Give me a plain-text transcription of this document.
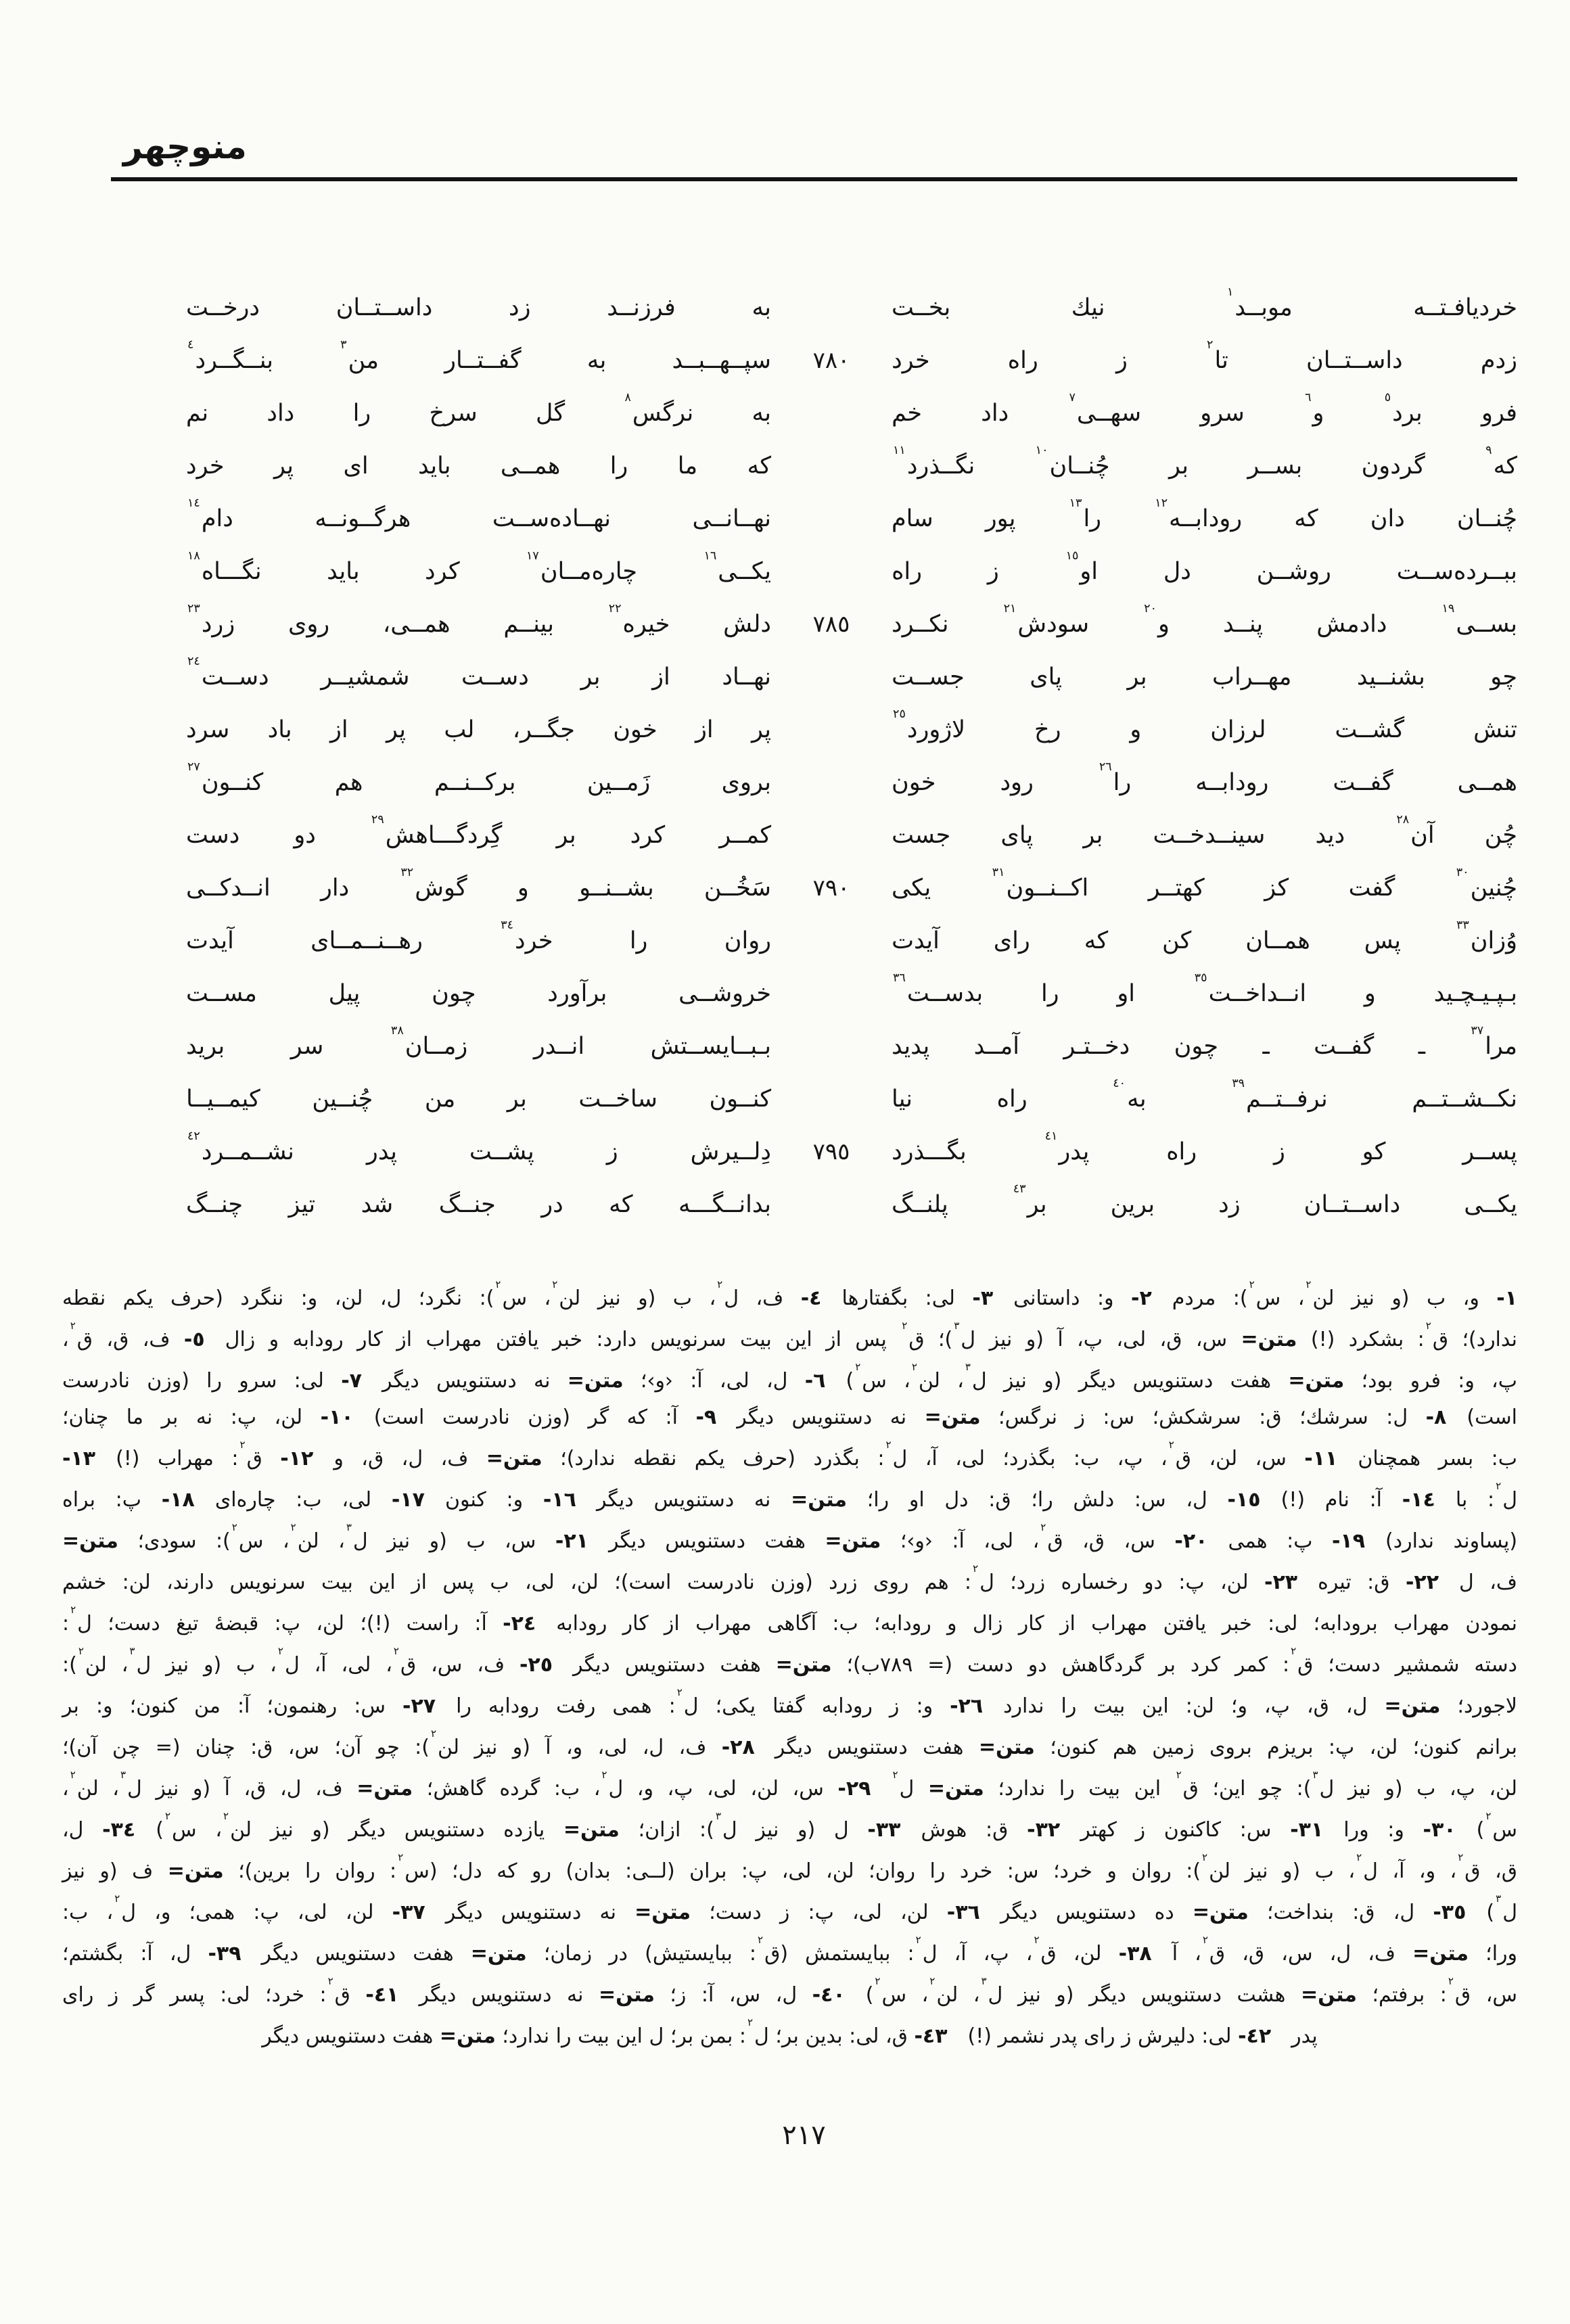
منوچهر
خرديافـتــه
موبــد$^١$
نيك
بخــت
به
فرزنــد
زد
داســتــان
درخــت
زدم
داســتــان
تا$^٢$
ز
راه
خرد
٧٨٠
سپــهــبــد
به
گفــتــار
من$^٣$
بنــگــرد$^٤$
فرو
برد$^٥$
و$^٦$
سرو
سهــى$^٧$
داد
خم
به
نرگس$^٨$
گل
سرخ
را
داد
نم
كه$^٩$
گردون
بســر
بر
چُنــان$^{١٠}$
نگــذرد$^{١١}$
كه
ما
را
همــى
بايد
اى
پر
خرد
چُنــان
دان
كه
رودابــه$^{١٢}$
را$^{١٣}$
پور
سام
نهــانــى
نهــاده‌ســت
هرگــونــه
دام$^{١٤}$
ببــرده‌ســت
روشــن
دل
او$^{١٥}$
ز
راه
يكــى$^{١٦}$
چاره‌مــان$^{١٧}$
كرد
بايد
نگـــاه$^{١٨}$
بســى$^{١٩}$
دادمش
پنــد
و$^{٢٠}$
سودش$^{٢١}$
نكــرد
٧٨٥
دلش
خيره$^{٢٢}$
بينــم
همــى،
روى
زرد$^{٢٣}$
چو
بشنــيد
مهــراب
بر
پاى
جســت
نهــاد
از
بر
دســت
شمشيــر
دســت$^{٢٤}$
تنش
گشــت
لرزان
و
رخ
لاژورد$^{٢٥}$
پر
از
خون
جگــر،
لب
پر
از
باد
سرد
همــى
گفــت
رودابــه
را$^{٢٦}$
رود
خون
بروى
زَمــين
بركــنــم
هم
كنــون$^{٢٧}$
چُن
آن$^{٢٨}$
ديد
سينــدخــت
بر
پاى
جست
كمــر
كرد
بر
گِردگـــاهش$^{٢٩}$
دو
دست
چُنين$^{٣٠}$
گفت
كز
كهتــر
اكــنــون$^{٣١}$
يكى
٧٩٠
سَخُــن
بشــنــو
و
گوش$^{٣٢}$
دار
انــدكــى
وُزان$^{٣٣}$
پس
همــان
كن
كه
راى
آيدت
روان
را
خرد$^{٣٤}$
رهــنــمــاى
آيدت
بـپـيـچـيد
و
انــداخــت$^{٣٥}$
او
را
بدســت$^{٣٦}$
خروشــى
برآورد
چون
پيل
مســت
مرا$^{٣٧}$
ـ
گفــت
ـ
چون
دخــتـر
آمــد
پديد
بـبــايســتش
انــدر
زمــان$^{٣٨}$
سر
بريد
نكــشــتــم
نرفــتــم$^{٣٩}$
به$^{٤٠}$
راه
نيا
كنــون
ساخــت
بر
من
چُنــين
كيمــيــا
پســر
كو
ز
راه
پدر$^{٤١}$
بگـــذرد
٧٩٥
دِلــيرش
ز
پشــت
پدر
نشــمــرد$^{٤٢}$
يكــى
داســتــان
زد
برين
بر$^{٤٣}$
پلنــگ
بدانــگـــه
كه
در
جنــگ
شد
تيز
چنــگ
١- و، ب (و نيز لن$^٢$، س$^٢$): مردم  ٢- و: داستانى  ٣- لى: بگفتارها  ٤- ف، ل$^٢$، ب (و نيز لن$^٢$، س$^٢$): نگرد؛ ل، لن، و: ننگرد (حرف يكم نقطه
ندارد)؛ ق$^٢$: بشكرد (!) متن= س، ق، لى، پ، آ (و نيز ل$^٣$)؛ ق$^٢$ پس از اين بيت سرنويس دارد: خبر يافتن مهراب از كار رودابه و زال  ٥- ف، ق، ق$^٢$،
پ، و: فرو بود؛ متن= هفت دستنويس ديگر (و نيز ل$^٣$، لن$^٢$، س$^٢$)  ٦- ل، لى، آ: ‹و›؛ متن= نه دستنويس ديگر  ٧- لى: سرو را (وزن نادرست
است)  ٨- ل: سرشك؛ ق: سرشكش؛ س: ز نرگس؛ متن= نه دستنويس ديگر  ٩- آ: كه گر (وزن نادرست است)  ١٠- لن، پ: نه بر ما چنان؛
ب: بسر همچنان  ١١- س، لن، ق$^٢$، پ، ب: بگذرد؛ لى، آ، ل$^٢$: بگذرد (حرف يكم نقطه ندارد)؛ متن= ف، ل، ق، و  ١٢- ق$^٢$: مهراب (!)  ١٣-
ل$^٢$: با  ١٤- آ: نام (!)  ١٥- ل، س: دلش را؛ ق: دل او را؛ متن= نه دستنويس ديگر  ١٦- و: كنون  ١٧- لى، ب: چاره‌اى  ١٨- پ: براه
(پساوند ندارد)  ١٩- پ: همى  ٢٠- س، ق، ق$^٢$، لى، آ: ‹و›؛ متن= هفت دستنويس ديگر  ٢١- س، ب (و نيز ل$^٣$، لن$^٢$، س$^٢$): سودى؛ متن=
ف، ل  ٢٢- ق: تيره  ٢٣- لن، پ: دو رخساره زرد؛ ل$^٢$: هم روى زرد (وزن نادرست است)؛ لن، لى، ب پس از اين بيت سرنويس دارند، لن: خشم
نمودن مهراب برودابه؛ لى: خبر يافتن مهراب از كار زال و رودابه؛ ب: آگاهى مهراب از كار رودابه  ٢٤- آ: راست (!)؛ لن، پ: قبضهٔ تيغ دست؛ ل$^٢$:
دسته شمشير دست؛ ق$^٢$: كمر كرد بر گردگاهش دو دست (= ٧٨٩ب)؛ متن= هفت دستنويس ديگر  ٢٥- ف، س، ق$^٢$، لى، آ، ل$^٢$، ب (و نيز ل$^٣$، لن$^٢$):
لاجورد؛ متن= ل، ق، پ، و؛ لن: اين بيت را ندارد  ٢٦- و: ز رودابه گفتا يكى؛ ل$^٢$: همى رفت رودابه را  ٢٧- س: رهنمون؛ آ: من كنون؛ و: بر
برانم كنون؛ لن، پ: بريزم بروى زمين هم كنون؛ متن= هفت دستنويس ديگر  ٢٨- ف، ل، لى، و، آ (و نيز لن$^٢$): چو آن؛ س، ق: چنان (= چن آن)؛
لن، پ، ب (و نيز ل$^٣$): چو اين؛ ق$^٢$ اين بيت را ندارد؛ متن= ل$^٢$  ٢٩- س، لن، لى، پ، و، ل$^٢$، ب: گرده گاهش؛ متن= ف، ل، ق، آ (و نيز ل$^٣$، لن$^٢$،
س$^٢$)  ٣٠- و: ورا  ٣١- س: كاكنون ز كهتر  ٣٢- ق: هوش  ٣٣- ل (و نيز ل$^٣$): ازان؛ متن= يازده دستنويس ديگر (و نيز لن$^٢$، س$^٢$)  ٣٤- ل،
ق، ق$^٢$، و، آ، ل$^٢$، ب (و نيز لن$^٢$): روان و خرد؛ س: خرد را روان؛ لن، لى، پ: بران (لــى: بدان) رو كه دل؛ (س$^٢$: روان را برين)؛ متن= ف (و نيز
ل$^٣$)  ٣٥- ل، ق: بنداخت؛ متن= ده دستنويس ديگر  ٣٦- لن، لى، پ: ز دست؛ متن= نه دستنويس ديگر  ٣٧- لن، لى، پ: همى؛ و، ل$^٢$، ب:
ورا؛ متن= ف، ل، س، ق، ق$^٢$، آ  ٣٨- لن، ق$^٢$، پ، آ، ل$^٢$: ببايستمش (ق$^٢$: ببايستيش) در زمان؛ متن= هفت دستنويس ديگر  ٣٩- ل، آ: بگشتم؛
س، ق$^٢$: برفتم؛ متن= هشت دستنويس ديگر (و نيز ل$^٣$، لن$^٢$، س$^٢$)  ٤٠- ل، س، آ: ز؛ متن= نه دستنويس ديگر  ٤١- ق$^٢$: خرد؛ لى: پسر گر ز راى
پدر  ٤٢- لى: دليرش ز راى پدر نشمر (!)  ٤٣- ق، لى: بدين بر؛ ل$^٢$: بمن بر؛ ل اين بيت را ندارد؛ متن= هفت دستنويس ديگر
٢١٧
